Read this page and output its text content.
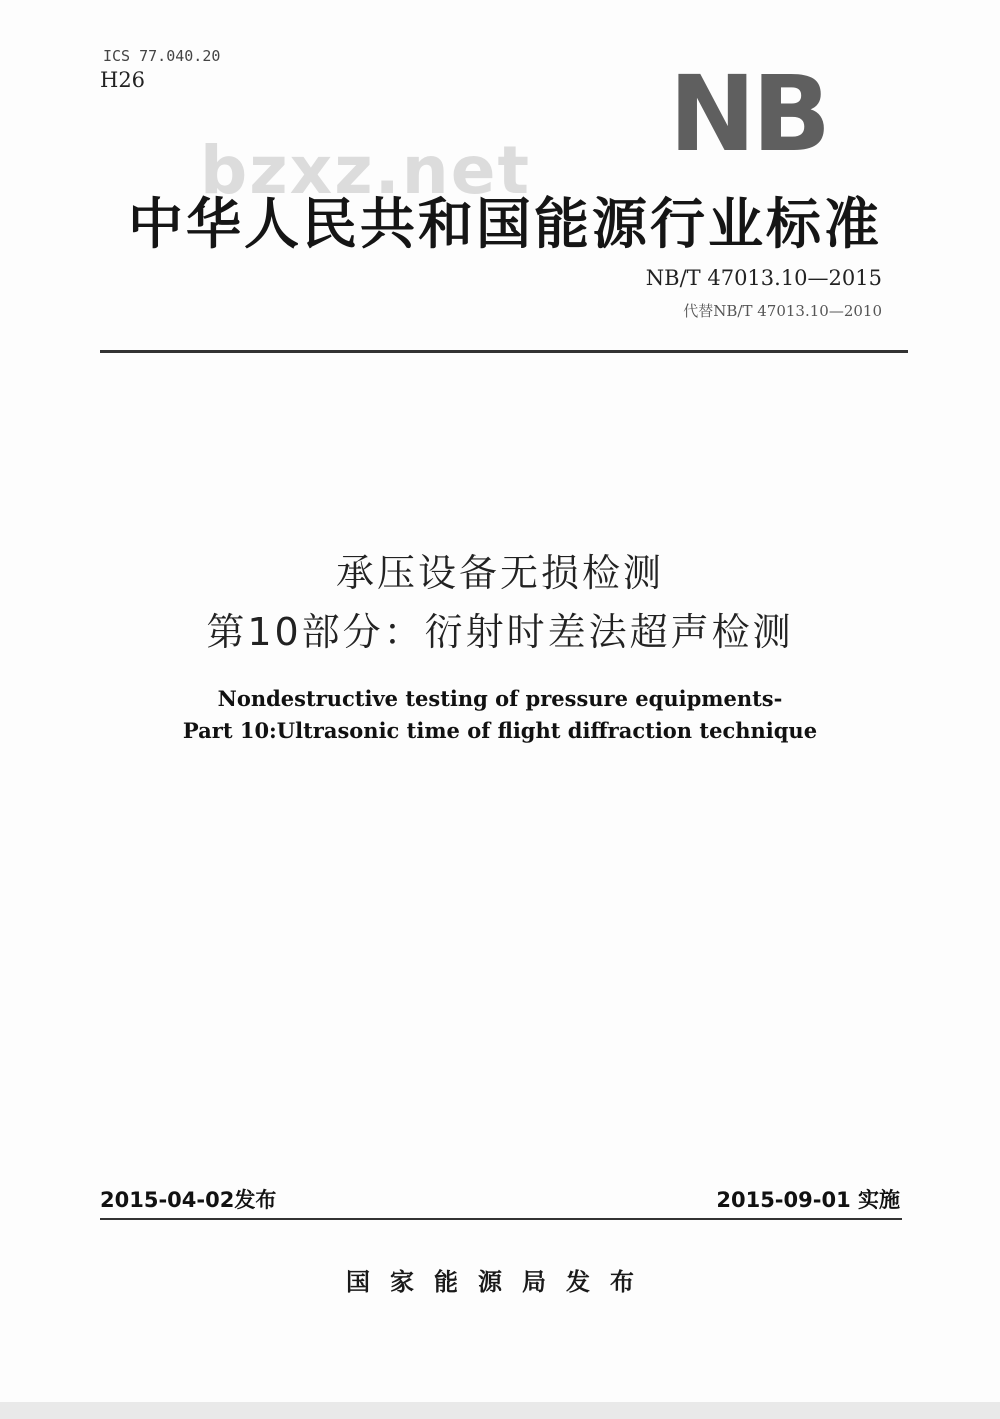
ICS 77.040.20
H26	NB
bzxz.net
中华人民共和国能源行业标准
NB/T 47013.10—2015
代替NB/T 47013.10—2010
承压设备无损检测
第10部分：衍射时差法超声检测
Nondestructive testing of pressure equipments-
Part 10:Ultrasonic time of flight diffraction technique
2015-04-02发布	2015-09-01 实施
国家能源局发布
